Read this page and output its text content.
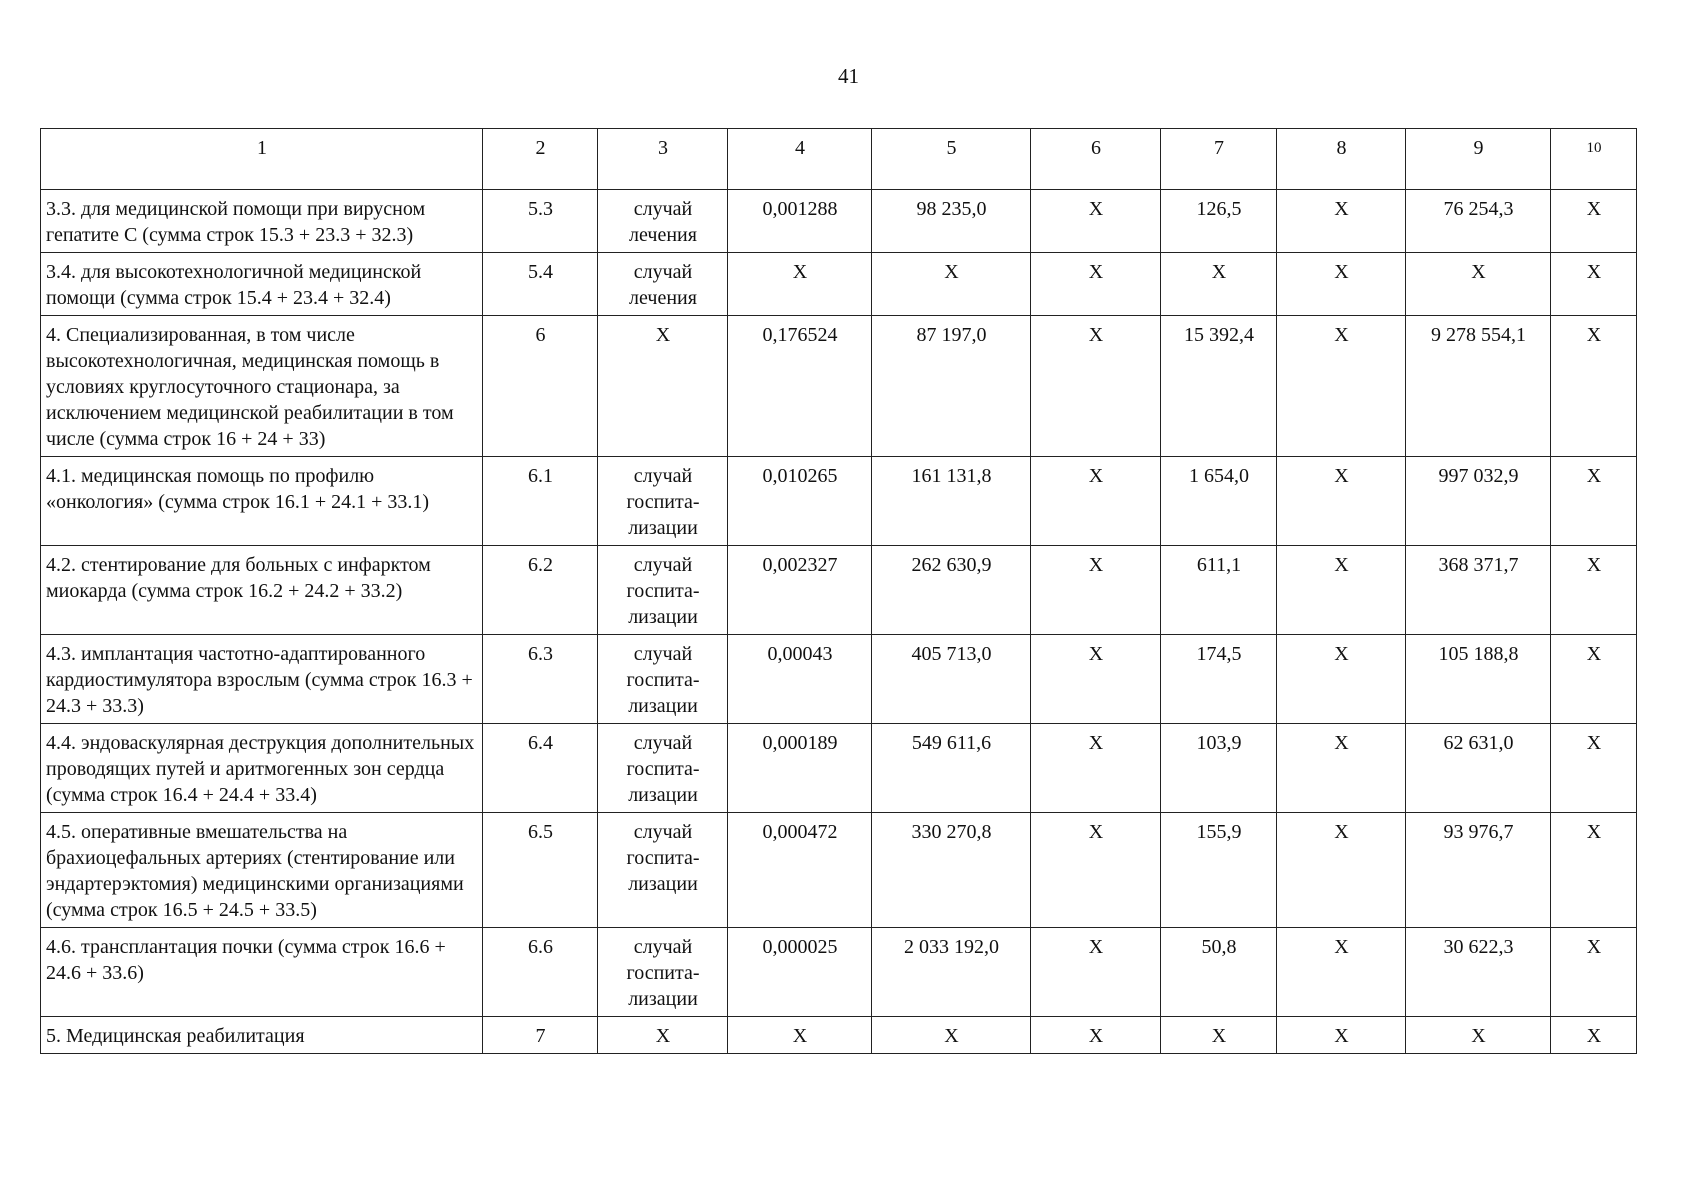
41
1	2	3	4	5	6	7	8	9	10
3.3. для медицинской помощи при вирусном гепатите С (сумма строк 15.3 + 23.3 + 32.3)	5.3	случай лечения	0,001288	98 235,0	Х	126,5	Х	76 254,3	Х
3.4. для высокотехнологичной медицинской помощи (сумма строк 15.4 + 23.4 + 32.4)	5.4	случай лечения	Х	Х	Х	Х	Х	Х	Х
4. Специализированная, в том числе высокотехнологичная, медицинская помощь в условиях круглосуточного стационара, за исключением медицинской реабилитации в том числе (сумма строк 16 + 24 + 33)	6	Х	0,176524	87 197,0	Х	15 392,4	Х	9 278 554,1	Х
4.1. медицинская помощь по профилю «онкология» (сумма строк 16.1 + 24.1 + 33.1)	6.1	случай госпита-лизации	0,010265	161 131,8	Х	1 654,0	Х	997 032,9	Х
4.2. стентирование для больных с инфарктом миокарда (сумма строк 16.2 + 24.2 + 33.2)	6.2	случай госпита-лизации	0,002327	262 630,9	Х	611,1	Х	368 371,7	Х
4.3. имплантация частотно-адаптированного кардиостимулятора взрослым (сумма строк 16.3 + 24.3 + 33.3)	6.3	случай госпита-лизации	0,00043	405 713,0	Х	174,5	Х	105 188,8	Х
4.4. эндоваскулярная деструкция дополнительных проводящих путей и аритмогенных зон сердца (сумма строк 16.4 + 24.4 + 33.4)	6.4	случай госпита-лизации	0,000189	549 611,6	Х	103,9	Х	62 631,0	Х
4.5. оперативные вмешательства на брахиоцефальных артериях (стентирование или эндартерэктомия) медицинскими организациями (сумма строк 16.5 + 24.5 + 33.5)	6.5	случай госпита-лизации	0,000472	330 270,8	Х	155,9	Х	93 976,7	Х
4.6. трансплантация почки (сумма строк 16.6 + 24.6 + 33.6)	6.6	случай госпита-лизации	0,000025	2 033 192,0	Х	50,8	Х	30 622,3	Х
5. Медицинская реабилитация	7	Х	Х	Х	Х	Х	Х	Х	Х
